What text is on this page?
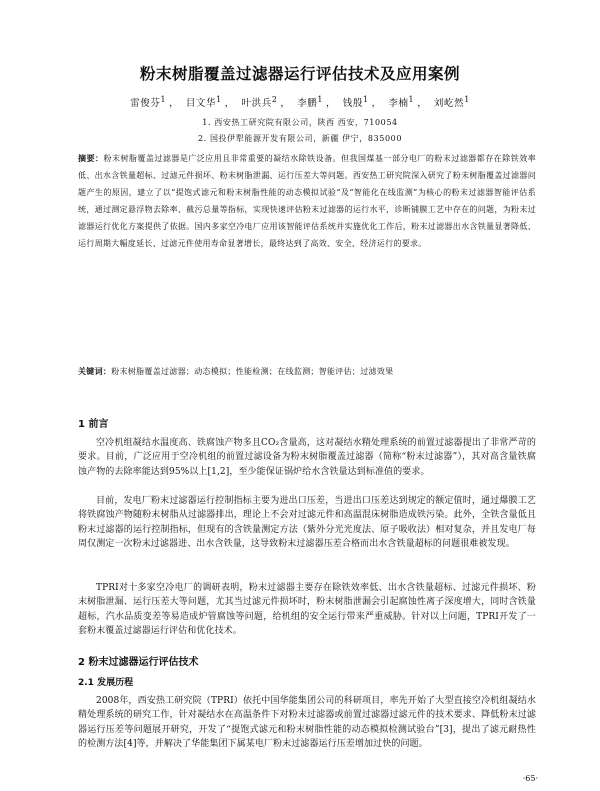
粉末树脂覆盖过滤器运行评估技术及应用案例
雷俊芬$^1$ ， 目文华$^1$ ， 叶洪兵$^2$ ， 李鹏$^1$ ， 钱殷$^1$ ， 李楠$^1$ ， 刘屹然$^1$
1. 西安热工研究院有限公司，陕西 西安，710054
2. 国投伊犁能源开发有限公司，新疆 伊宁，835000

摘要：粉末树脂覆盖过滤器是广泛应用且非常重要的凝结水除铁设备。但我国煤基一部分电厂的粉末过滤器都存在除铁效率低、出水含铁量超标、过滤元件损坏、粉末树脂泄漏、运行压差大等问题。西安热工研究院深入研究了粉末树脂覆盖过滤器问题产生的原因，建立了以“提饱式滤元和粉末树脂性能的动态模拟试验”及“智能化在线监测”为核心的粉末过滤器智能评估系统，通过测定悬浮物去除率、截污总量等指标，实现快速评估粉末过滤器的运行水平，诊断铺膜工艺中存在的问题，为粉末过滤器运行优化方案提供了依据。国内多家空冷电厂应用该智能评估系统并实施优化工作后，粉末过滤器出水含铁量显著降低、运行周期大幅度延长、过滤元件使用寿命显著增长，最终达到了高效、安全、经济运行的要求。

关键词：粉末树脂覆盖过滤器；动态模拟；性能检测；在线监测；智能评估；过滤效果

1 前言

空冷机组凝结水温度高、铁腐蚀产物多且CO₂含量高，这对凝结水精处理系统的前置过滤器提出了非常严苛的要求。目前，广泛应用于空冷机组的前置过滤设备为粉末树脂覆盖过滤器（简称“粉末过滤器”），其对高含量铁腐蚀产物的去除率能达到95%以上[1,2]，至少能保证锅炉给水含铁量达到标准值的要求。

目前，发电厂粉末过滤器运行控制指标主要为进出口压差，当进出口压差达到规定的额定值时，通过爆膜工艺将铁腐蚀产物随粉末树脂从过滤器排出，理论上不会对过滤元件和高温混床树脂造成铁污染。此外，全铁含量低且粉末过滤器的运行控制指标，但现有的含铁量测定方法（紫外分光光度法、原子吸收法）相对复杂，并且发电厂每周仅测定一次粉末过滤器进、出水含铁量，这导致粉末过滤器压差合格而出水含铁量超标的问题很难被发现。

TPRI对十多家空冷电厂的调研表明，粉末过滤器主要存在除铁效率低、出水含铁量超标、过滤元件损坏、粉末树脂泄漏、运行压差大等问题，尤其当过滤元件损坏时，粉末树脂泄漏会引起腐蚀性离子深度增大，同时含铁量超标，汽水品质变差等易造成炉管腐蚀等问题，给机组的安全运行带来严重威胁。针对以上问题，TPRI开发了一套粉末覆盖过滤器运行评估和优化技术。

2 粉末过滤器运行评估技术
2.1 发展历程

2008年，西安热工研究院（TPRI）依托中国华能集团公司的科研项目，率先开始了大型直接空冷机组凝结水精处理系统的研究工作，针对凝结水在高温条件下对粉末过滤器或前置过滤器过滤元件的技术要求、降低粉末过滤器运行压差等问题展开研究，开发了“提饱式滤元和粉末树脂性能的动态模拟检测试验台”[3]，提出了滤元耐热性的检测方法[4]等，并解决了华能集团下属某电厂粉末过滤器运行压差增加过快的问题。

·65·
